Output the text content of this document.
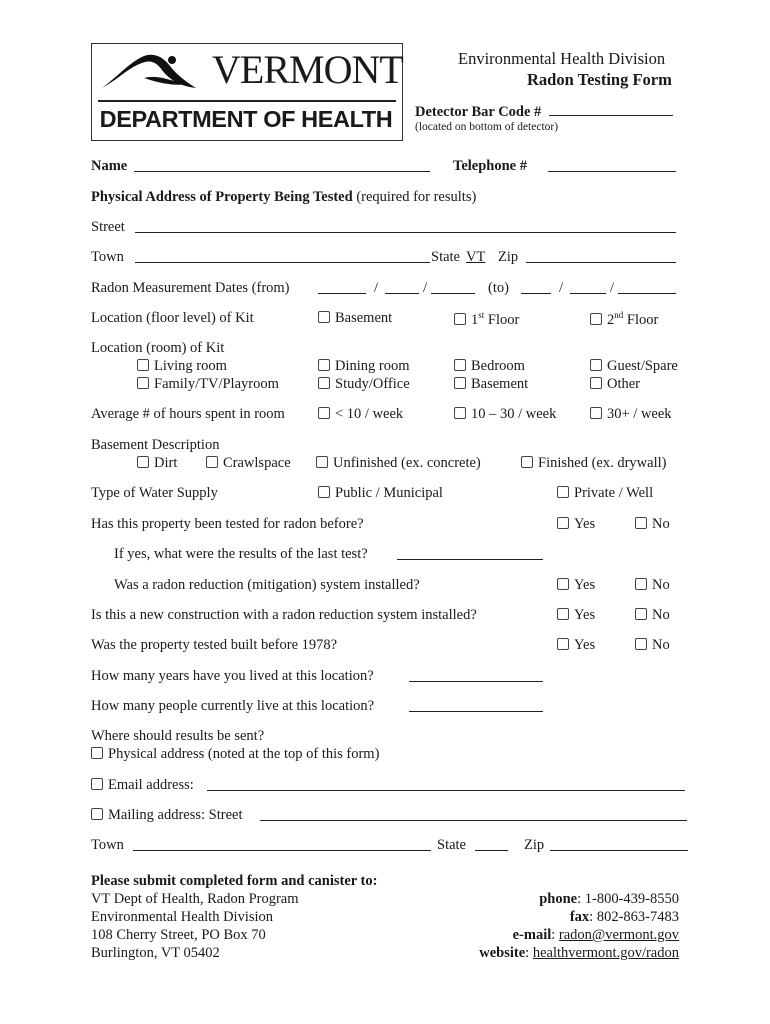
VERMONT
DEPARTMENT OF HEALTH
Environmental Health Division
Radon Testing Form
Detector Bar Code #
(located on bottom of detector)
Name	Telephone #
Physical Address of Property Being Tested (required for results)
Street
Town	State VT Zip
Radon Measurement Dates (from)	/	/	(to)	/	/
Location (floor level) of Kit	Basement	1st Floor	2nd Floor
Location (room) of Kit
Living room	Dining room	Bedroom	Guest/Spare
Family/TV/Playroom	Study/Office	Basement	Other
Average # of hours spent in room	< 10 / week	10 – 30 / week	30+ / week
Basement Description
Dirt	Crawlspace	Unfinished (ex. concrete)	Finished (ex. drywall)
Type of Water Supply	Public / Municipal	Private / Well
Has this property been tested for radon before?	Yes	No
If yes, what were the results of the last test?
Was a radon reduction (mitigation) system installed?	Yes	No
Is this a new construction with a radon reduction system installed?	Yes	No
Was the property tested built before 1978?	Yes	No
How many years have you lived at this location?
How many people currently live at this location?
Where should results be sent?
Physical address (noted at the top of this form)
Email address:
Mailing address: Street
Town	State	Zip
Please submit completed form and canister to:
VT Dept of Health, Radon Program
Environmental Health Division
108 Cherry Street, PO Box 70
Burlington, VT 05402
phone: 1-800-439-8550
fax: 802-863-7483
e-mail: radon@vermont.gov
website: healthvermont.gov/radon
